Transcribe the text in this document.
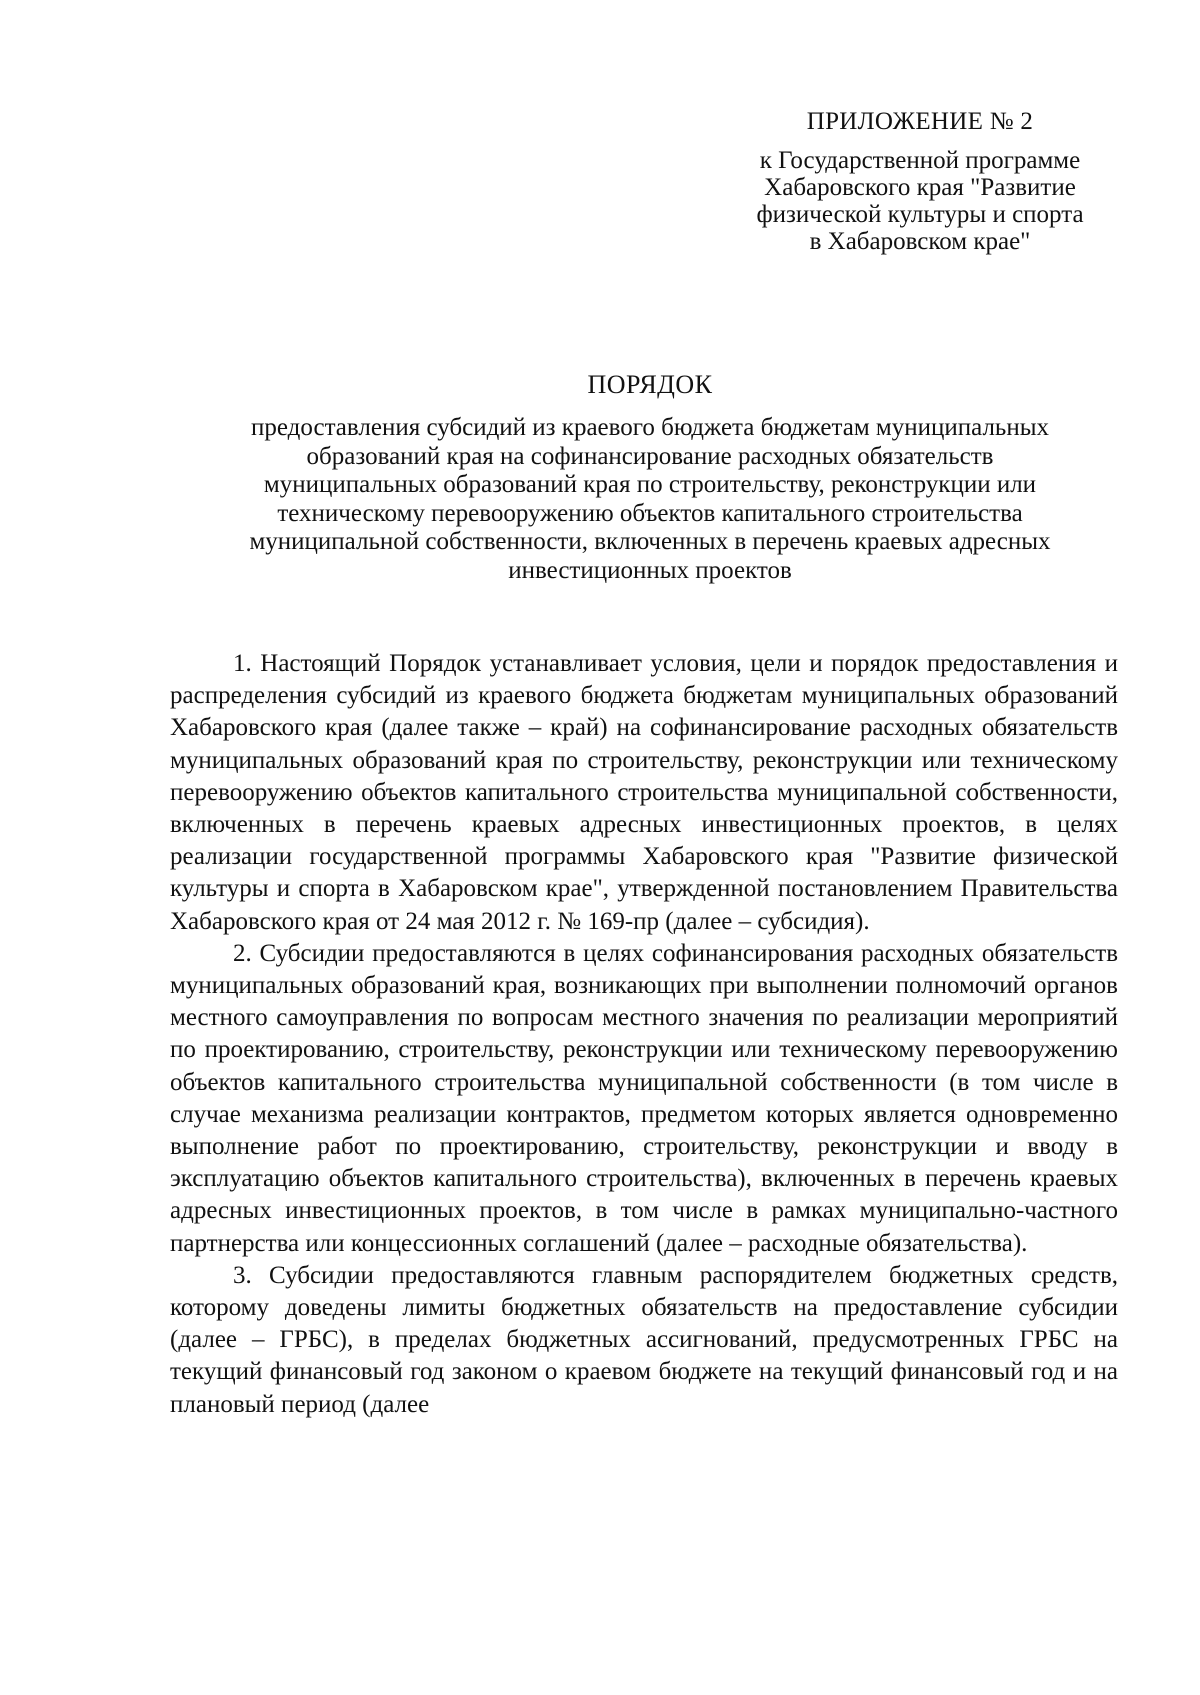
ПРИЛОЖЕНИЕ № 2
к Государственной программе
Хабаровского края "Развитие
физической культуры и спорта
в Хабаровском крае"
ПОРЯДОК
предоставления субсидий из краевого бюджета бюджетам муниципальных
образований края на софинансирование расходных обязательств
муниципальных образований края по строительству, реконструкции или
техническому перевооружению объектов капитального строительства
муниципальной собственности, включенных в перечень краевых адресных
инвестиционных проектов

1. Настоящий Порядок устанавливает условия, цели и порядок предоставления и распределения субсидий из краевого бюджета бюджетам муниципальных образований Хабаровского края (далее также – край) на софинансирование расходных обязательств муниципальных образований края по строительству, реконструкции или техническому перевооружению объектов капитального строительства муниципальной собственности, включенных в перечень краевых адресных инвестиционных проектов, в целях реализации государственной программы Хабаровского края "Развитие физической культуры и спорта в Хабаровском крае", утвержденной постановлением Правительства Хабаровского края от 24 мая 2012 г. № 169-пр (далее – субсидия).

2. Субсидии предоставляются в целях софинансирования расходных обязательств муниципальных образований края, возникающих при выполнении полномочий органов местного самоуправления по вопросам местного значения по реализации мероприятий по проектированию, строительству, реконструкции или техническому перевооружению объектов капитального строительства муниципальной собственности (в том числе в случае механизма реализации контрактов, предметом которых является одновременно выполнение работ по проектированию, строительству, реконструкции и вводу в эксплуатацию объектов капитального строительства), включенных в перечень краевых адресных инвестиционных проектов, в том числе в рамках муниципально-частного партнерства или концессионных соглашений (далее – расходные обязательства).

3. Субсидии предоставляются главным распорядителем бюджетных средств, которому доведены лимиты бюджетных обязательств на предоставление субсидии (далее – ГРБС), в пределах бюджетных ассигнований, предусмотренных ГРБС на текущий финансовый год законом о краевом бюджете на текущий финансовый год и на плановый период (далее
